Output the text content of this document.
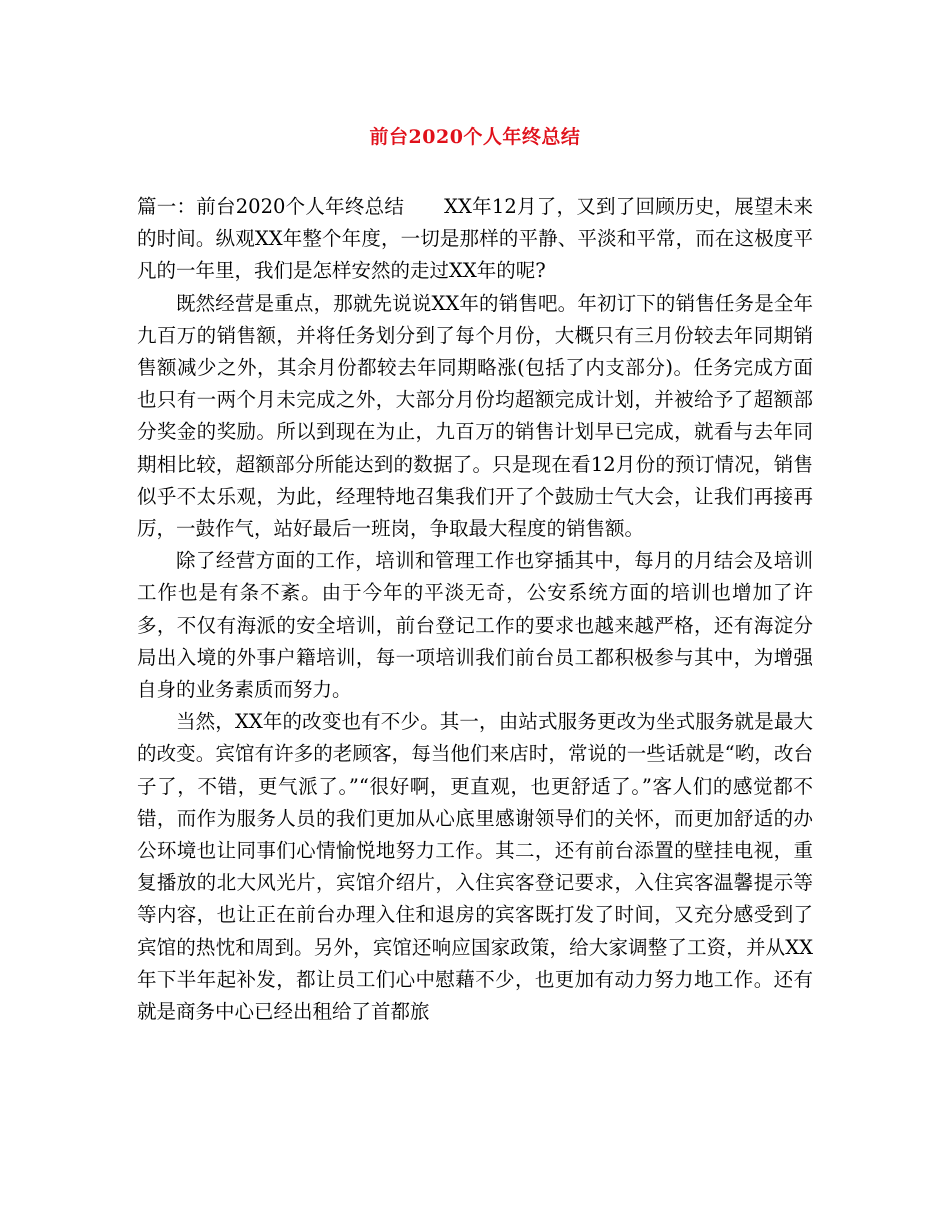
前台2020个人年终总结

篇一：前台2020个人年终总结 XX年12月了，又到了回顾历史，展望未来的时间。纵观XX年整个年度，一切是那样的平静、平淡和平常，而在这极度平凡的一年里，我们是怎样安然的走过XX年的呢?

既然经营是重点，那就先说说XX年的销售吧。年初订下的销售任务是全年九百万的销售额，并将任务划分到了每个月份，大概只有三月份较去年同期销售额减少之外，其余月份都较去年同期略涨(包括了内支部分)。任务完成方面也只有一两个月未完成之外，大部分月份均超额完成计划，并被给予了超额部分奖金的奖励。所以到现在为止，九百万的销售计划早已完成，就看与去年同期相比较，超额部分所能达到的数据了。只是现在看12月份的预订情况，销售似乎不太乐观，为此，经理特地召集我们开了个鼓励士气大会，让我们再接再厉，一鼓作气，站好最后一班岗，争取最大程度的销售额。

除了经营方面的工作，培训和管理工作也穿插其中，每月的月结会及培训工作也是有条不紊。由于今年的平淡无奇，公安系统方面的培训也增加了许多，不仅有海派的安全培训，前台登记工作的要求也越来越严格，还有海淀分局出入境的外事户籍培训，每一项培训我们前台员工都积极参与其中，为增强自身的业务素质而努力。

当然，XX年的改变也有不少。其一，由站式服务更改为坐式服务就是最大的改变。宾馆有许多的老顾客，每当他们来店时，常说的一些话就是“哟，改台子了，不错，更气派了。”“很好啊，更直观，也更舒适了。”客人们的感觉都不错，而作为服务人员的我们更加从心底里感谢领导们的关怀，而更加舒适的办公环境也让同事们心情愉悦地努力工作。其二，还有前台添置的壁挂电视，重复播放的北大风光片，宾馆介绍片，入住宾客登记要求，入住宾客温馨提示等等内容，也让正在前台办理入住和退房的宾客既打发了时间，又充分感受到了宾馆的热忱和周到。另外，宾馆还响应国家政策，给大家调整了工资，并从XX年下半年起补发，都让员工们心中慰藉不少，也更加有动力努力地工作。还有就是商务中心已经出租给了首都旅
